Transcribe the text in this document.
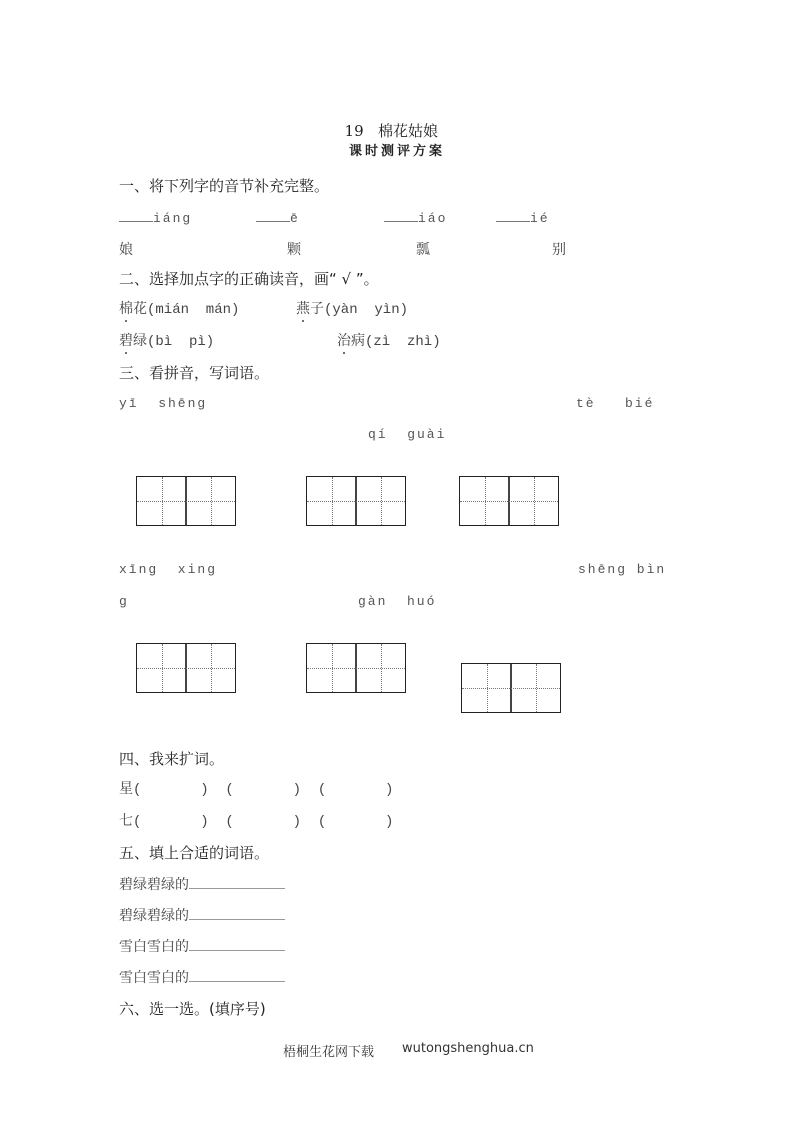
19 棉花姑娘

课时测评方案
一、将下列字的音节补充完整。
iáng	ē	iáo	ié
娘	颗	瓢	别
二、选择加点字的正确读音，画“ √ ”。
棉花(mián  mán)	燕子(yàn  yìn)
碧绿(bì  pì)	治病(zì  zhì)
三、看拼音，写词语。
yī  shēng	tè   bié
qí  guài
xīng  xing	shēng bìn
g	gàn  huó
四、我来扩词。
星(       )  (       )  (       )
七(       )  (       )  (       )
五、填上合适的词语。
碧绿碧绿的
碧绿碧绿的
雪白雪白的
雪白雪白的
六、选一选。(填序号)
梧桐生花网下载 wutongshenghua.cn
